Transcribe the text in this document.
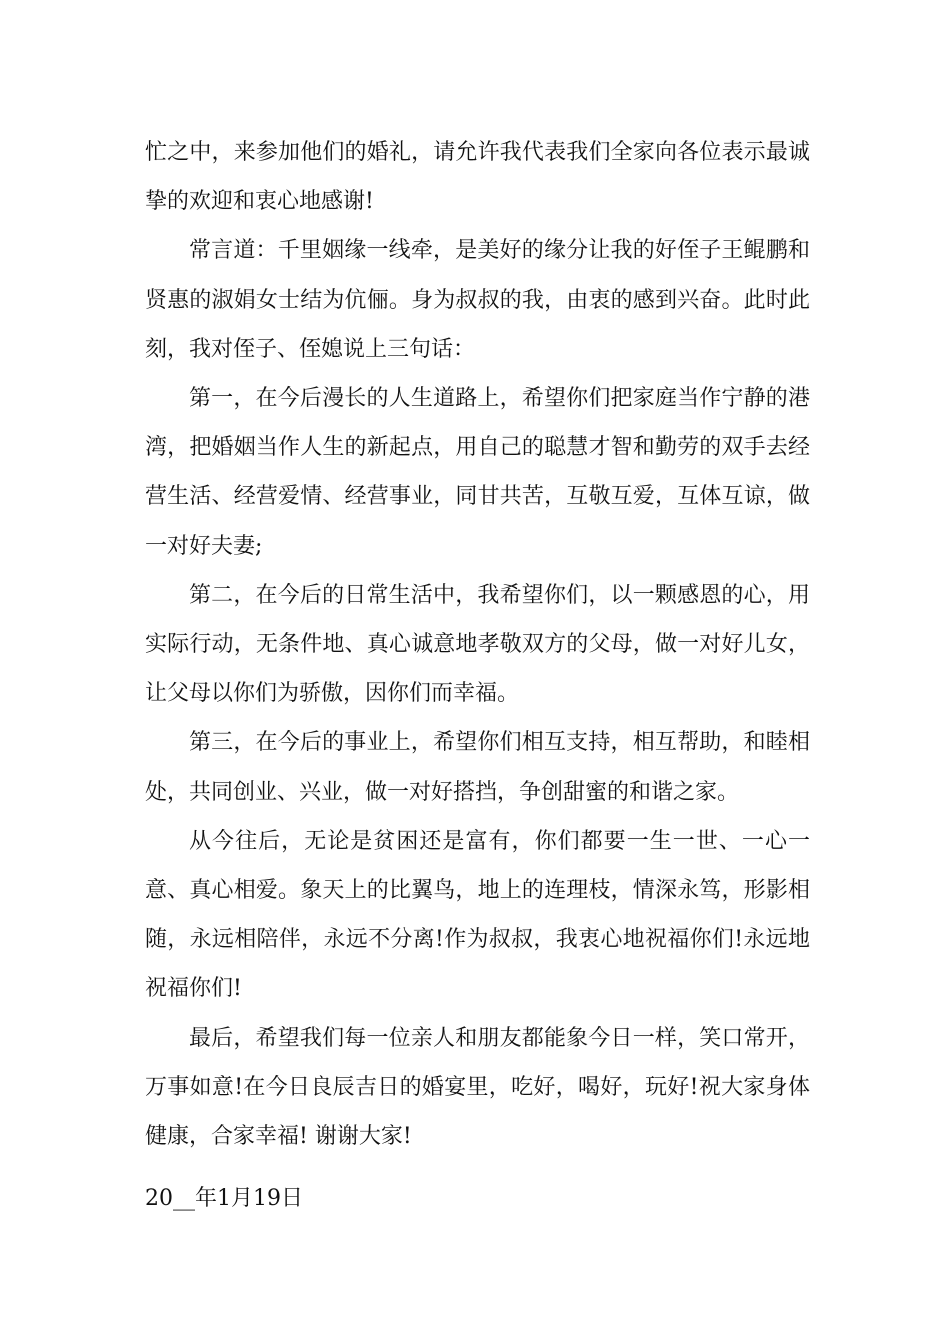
忙之中，来参加他们的婚礼，请允许我代表我们全家向各位表示最诚挚的欢迎和衷心地感谢!

常言道：千里姻缘一线牵，是美好的缘分让我的好侄子王鲲鹏和贤惠的淑娟女士结为伉俪。身为叔叔的我，由衷的感到兴奋。此时此刻，我对侄子、侄媳说上三句话：

第一，在今后漫长的人生道路上，希望你们把家庭当作宁静的港湾，把婚姻当作人生的新起点，用自己的聪慧才智和勤劳的双手去经营生活、经营爱情、经营事业，同甘共苦，互敬互爱，互体互谅，做一对好夫妻;

第二，在今后的日常生活中，我希望你们，以一颗感恩的心，用实际行动，无条件地、真心诚意地孝敬双方的父母，做一对好儿女，让父母以你们为骄傲，因你们而幸福。

第三，在今后的事业上，希望你们相互支持，相互帮助，和睦相处，共同创业、兴业，做一对好搭挡，争创甜蜜的和谐之家。

从今往后，无论是贫困还是富有，你们都要一生一世、一心一意、真心相爱。象天上的比翼鸟，地上的连理枝，情深永笃，形影相随，永远相陪伴，永远不分离!作为叔叔，我衷心地祝福你们!永远地祝福你们!

最后，希望我们每一位亲人和朋友都能象今日一样，笑口常开，万事如意!在今日良辰吉日的婚宴里，吃好，喝好，玩好!祝大家身体健康，合家幸福! 谢谢大家!

20__年1月19日
